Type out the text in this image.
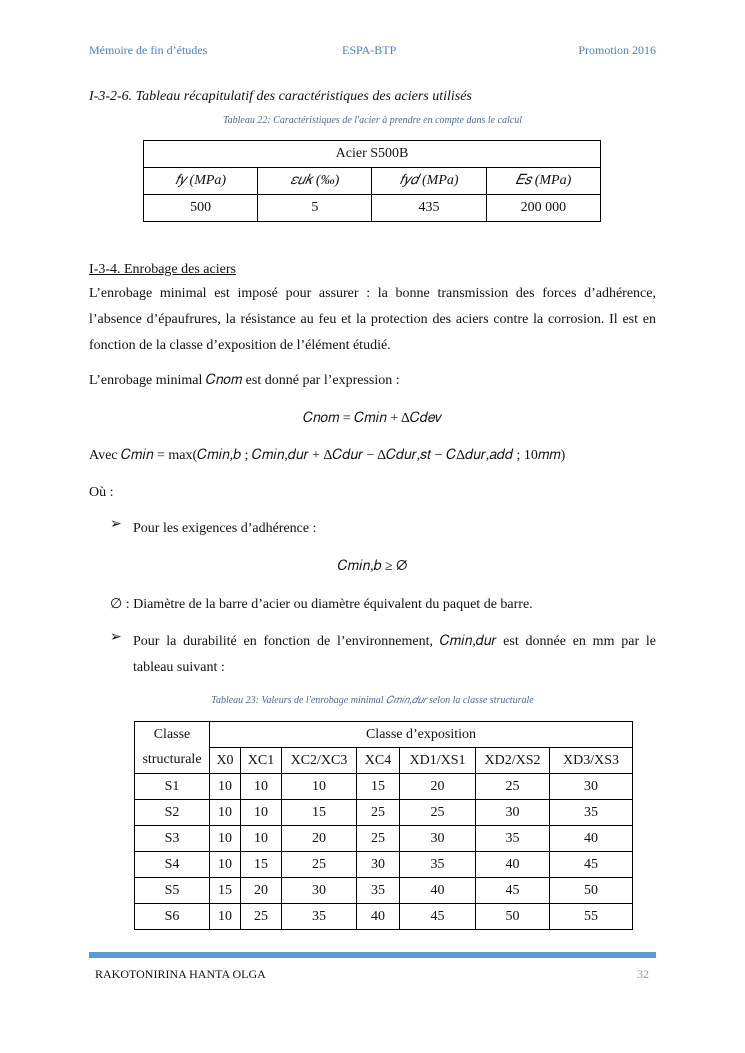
Mémoire de fin d’études	ESPA-BTP	Promotion 2016
I-3-2-6. Tableau récapitulatif des caractéristiques des aciers utilisés
Tableau 22: Caractéristiques de l'acier à prendre en compte dans le calcul
Acier S500B			
𝑓𝑦 (MPa)	𝜀𝑢𝑘 (‰)	𝑓𝑦𝑑 (MPa)	𝐸𝑠 (MPa)
500	5	435	200 000
I-3-4. Enrobage des aciers
L’enrobage minimal est imposé pour assurer : la bonne transmission des forces d’adhérence, l’absence d’épaufrures, la résistance au feu et la protection des aciers contre la corrosion. Il est en fonction de la classe d’exposition de l’élément étudié.
L’enrobage minimal 𝐶𝑛𝑜𝑚 est donné par l’expression :
𝐶𝑛𝑜𝑚 = 𝐶𝑚𝑖𝑛 + Δ𝐶𝑑𝑒𝑣
Avec 𝐶𝑚𝑖𝑛 = max(𝐶𝑚𝑖𝑛,𝑏 ; 𝐶𝑚𝑖𝑛,𝑑𝑢𝑟 + Δ𝐶𝑑𝑢𝑟 − Δ𝐶𝑑𝑢𝑟,𝑠𝑡 − 𝐶Δ𝑑𝑢𝑟,𝑎𝑑𝑑 ; 10𝑚𝑚)
Où :
➢ Pour les exigences d’adhérence :
𝐶𝑚𝑖𝑛,𝑏 ≥ ∅
∅ : Diamètre de la barre d’acier ou diamètre équivalent du paquet de barre.
➢ Pour la durabilité en fonction de l’environnement, 𝐶𝑚𝑖𝑛,𝑑𝑢𝑟 est donnée en mm par le tableau suivant :
Tableau 23: Valeurs de l'enrobage minimal 𝐶𝑚𝑖𝑛,𝑑𝑢𝑟 selon la classe structurale
Classe	Classe d’exposition						
structurale	X0	XC1	XC2/XC3	XC4	XD1/XS1	XD2/XS2	XD3/XS3
S1	10	10	10	15	20	25	30
S2	10	10	15	25	25	30	35
S3	10	10	20	25	30	35	40
S4	10	15	25	30	35	40	45
S5	15	20	30	35	40	45	50
S6	10	25	35	40	45	50	55
RAKOTONIRINA HANTA OLGA	32
